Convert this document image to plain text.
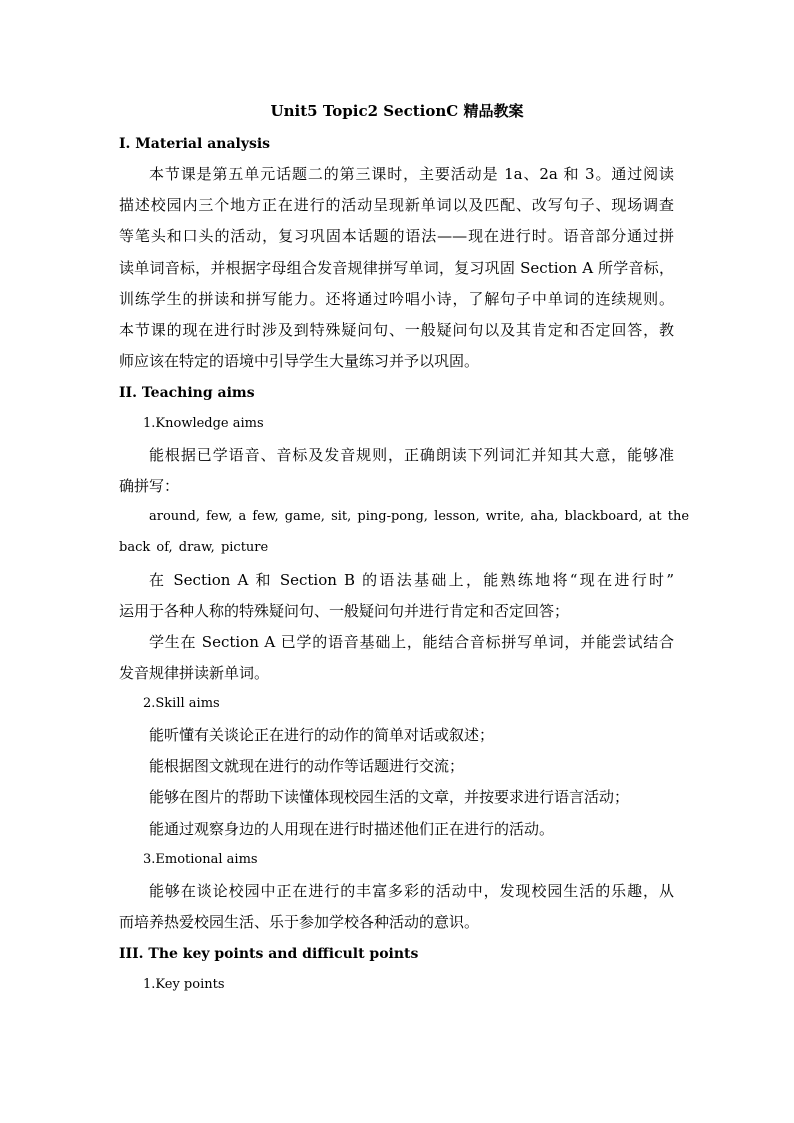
Unit5 Topic2 SectionC 精品教案
I. Material analysis
本节课是第五单元话题二的第三课时，主要活动是 1a、2a 和 3。通过阅读
描述校园内三个地方正在进行的活动呈现新单词以及匹配、改写句子、现场调查
等笔头和口头的活动，复习巩固本话题的语法——现在进行时。语音部分通过拼
读单词音标，并根据字母组合发音规律拼写单词，复习巩固 Section A 所学音标，
训练学生的拼读和拼写能力。还将通过吟唱小诗，了解句子中单词的连续规则。
本节课的现在进行时涉及到特殊疑问句、一般疑问句以及其肯定和否定回答，教
师应该在特定的语境中引导学生大量练习并予以巩固。
II. Teaching aims
1.Knowledge aims
能根据已学语音、音标及发音规则，正确朗读下列词汇并知其大意，能够准
确拼写：
around, few, a few, game, sit, ping-pong, lesson, write, aha, blackboard, at the
back of, draw, picture
在 Section A 和 Section B 的语法基础上，能熟练地将“现在进行时”
运用于各种人称的特殊疑问句、一般疑问句并进行肯定和否定回答；
学生在 Section A 已学的语音基础上，能结合音标拼写单词，并能尝试结合
发音规律拼读新单词。
2.Skill aims
能听懂有关谈论正在进行的动作的简单对话或叙述；
能根据图文就现在进行的动作等话题进行交流；
能够在图片的帮助下读懂体现校园生活的文章，并按要求进行语言活动；
能通过观察身边的人用现在进行时描述他们正在进行的活动。
3.Emotional aims
能够在谈论校园中正在进行的丰富多彩的活动中，发现校园生活的乐趣，从
而培养热爱校园生活、乐于参加学校各种活动的意识。
III. The key points and difficult points
1.Key points
